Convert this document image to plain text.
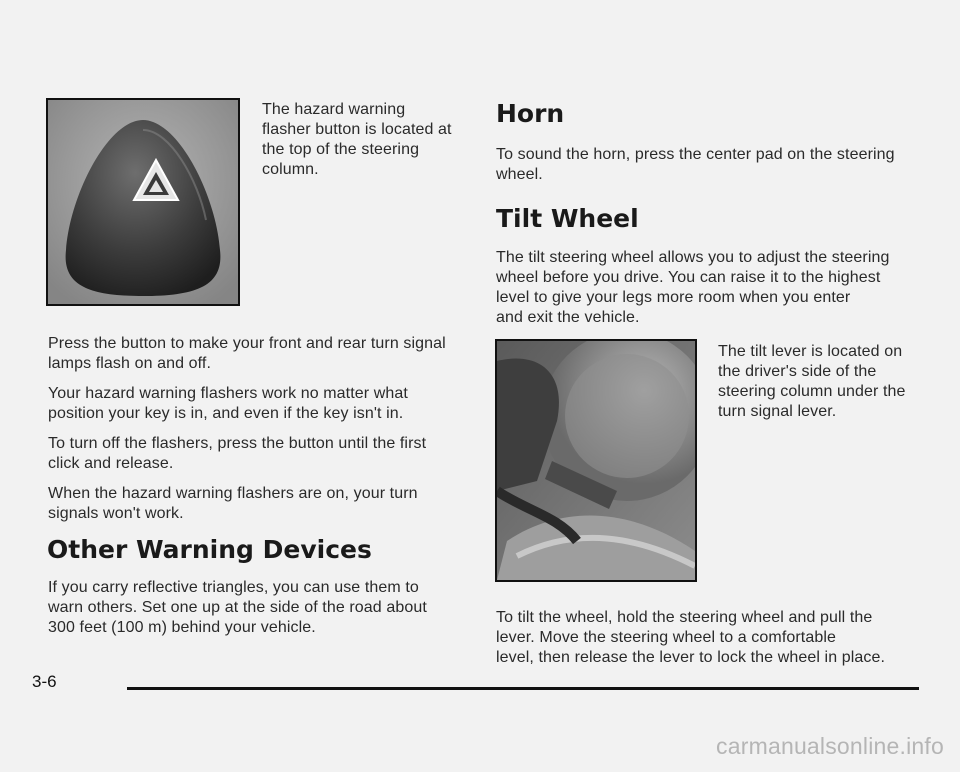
The hazard warning

flasher button is located at

the top of the steering

column.

Press the button to make your front and rear turn signal

lamps flash on and off.

Your hazard warning flashers work no matter what

position your key is in, and even if the key isn't in.

To turn off the flashers, press the button until the first

click and release.

When the hazard warning flashers are on, your turn

signals won't work.

Other Warning Devices

If you carry reflective triangles, you can use them to

warn others. Set one up at the side of the road about

300 feet (100 m) behind your vehicle.

Horn

To sound the horn, press the center pad on the steering

wheel.

Tilt Wheel

The tilt steering wheel allows you to adjust the steering

wheel before you drive. You can raise it to the highest

level to give your legs more room when you enter

and exit the vehicle.

The tilt lever is located on

the driver's side of the

steering column under the

turn signal lever.

To tilt the wheel, hold the steering wheel and pull the

lever. Move the steering wheel to a comfortable

level, then release the lever to lock the wheel in place.

3-6
carmanualsonline.info
